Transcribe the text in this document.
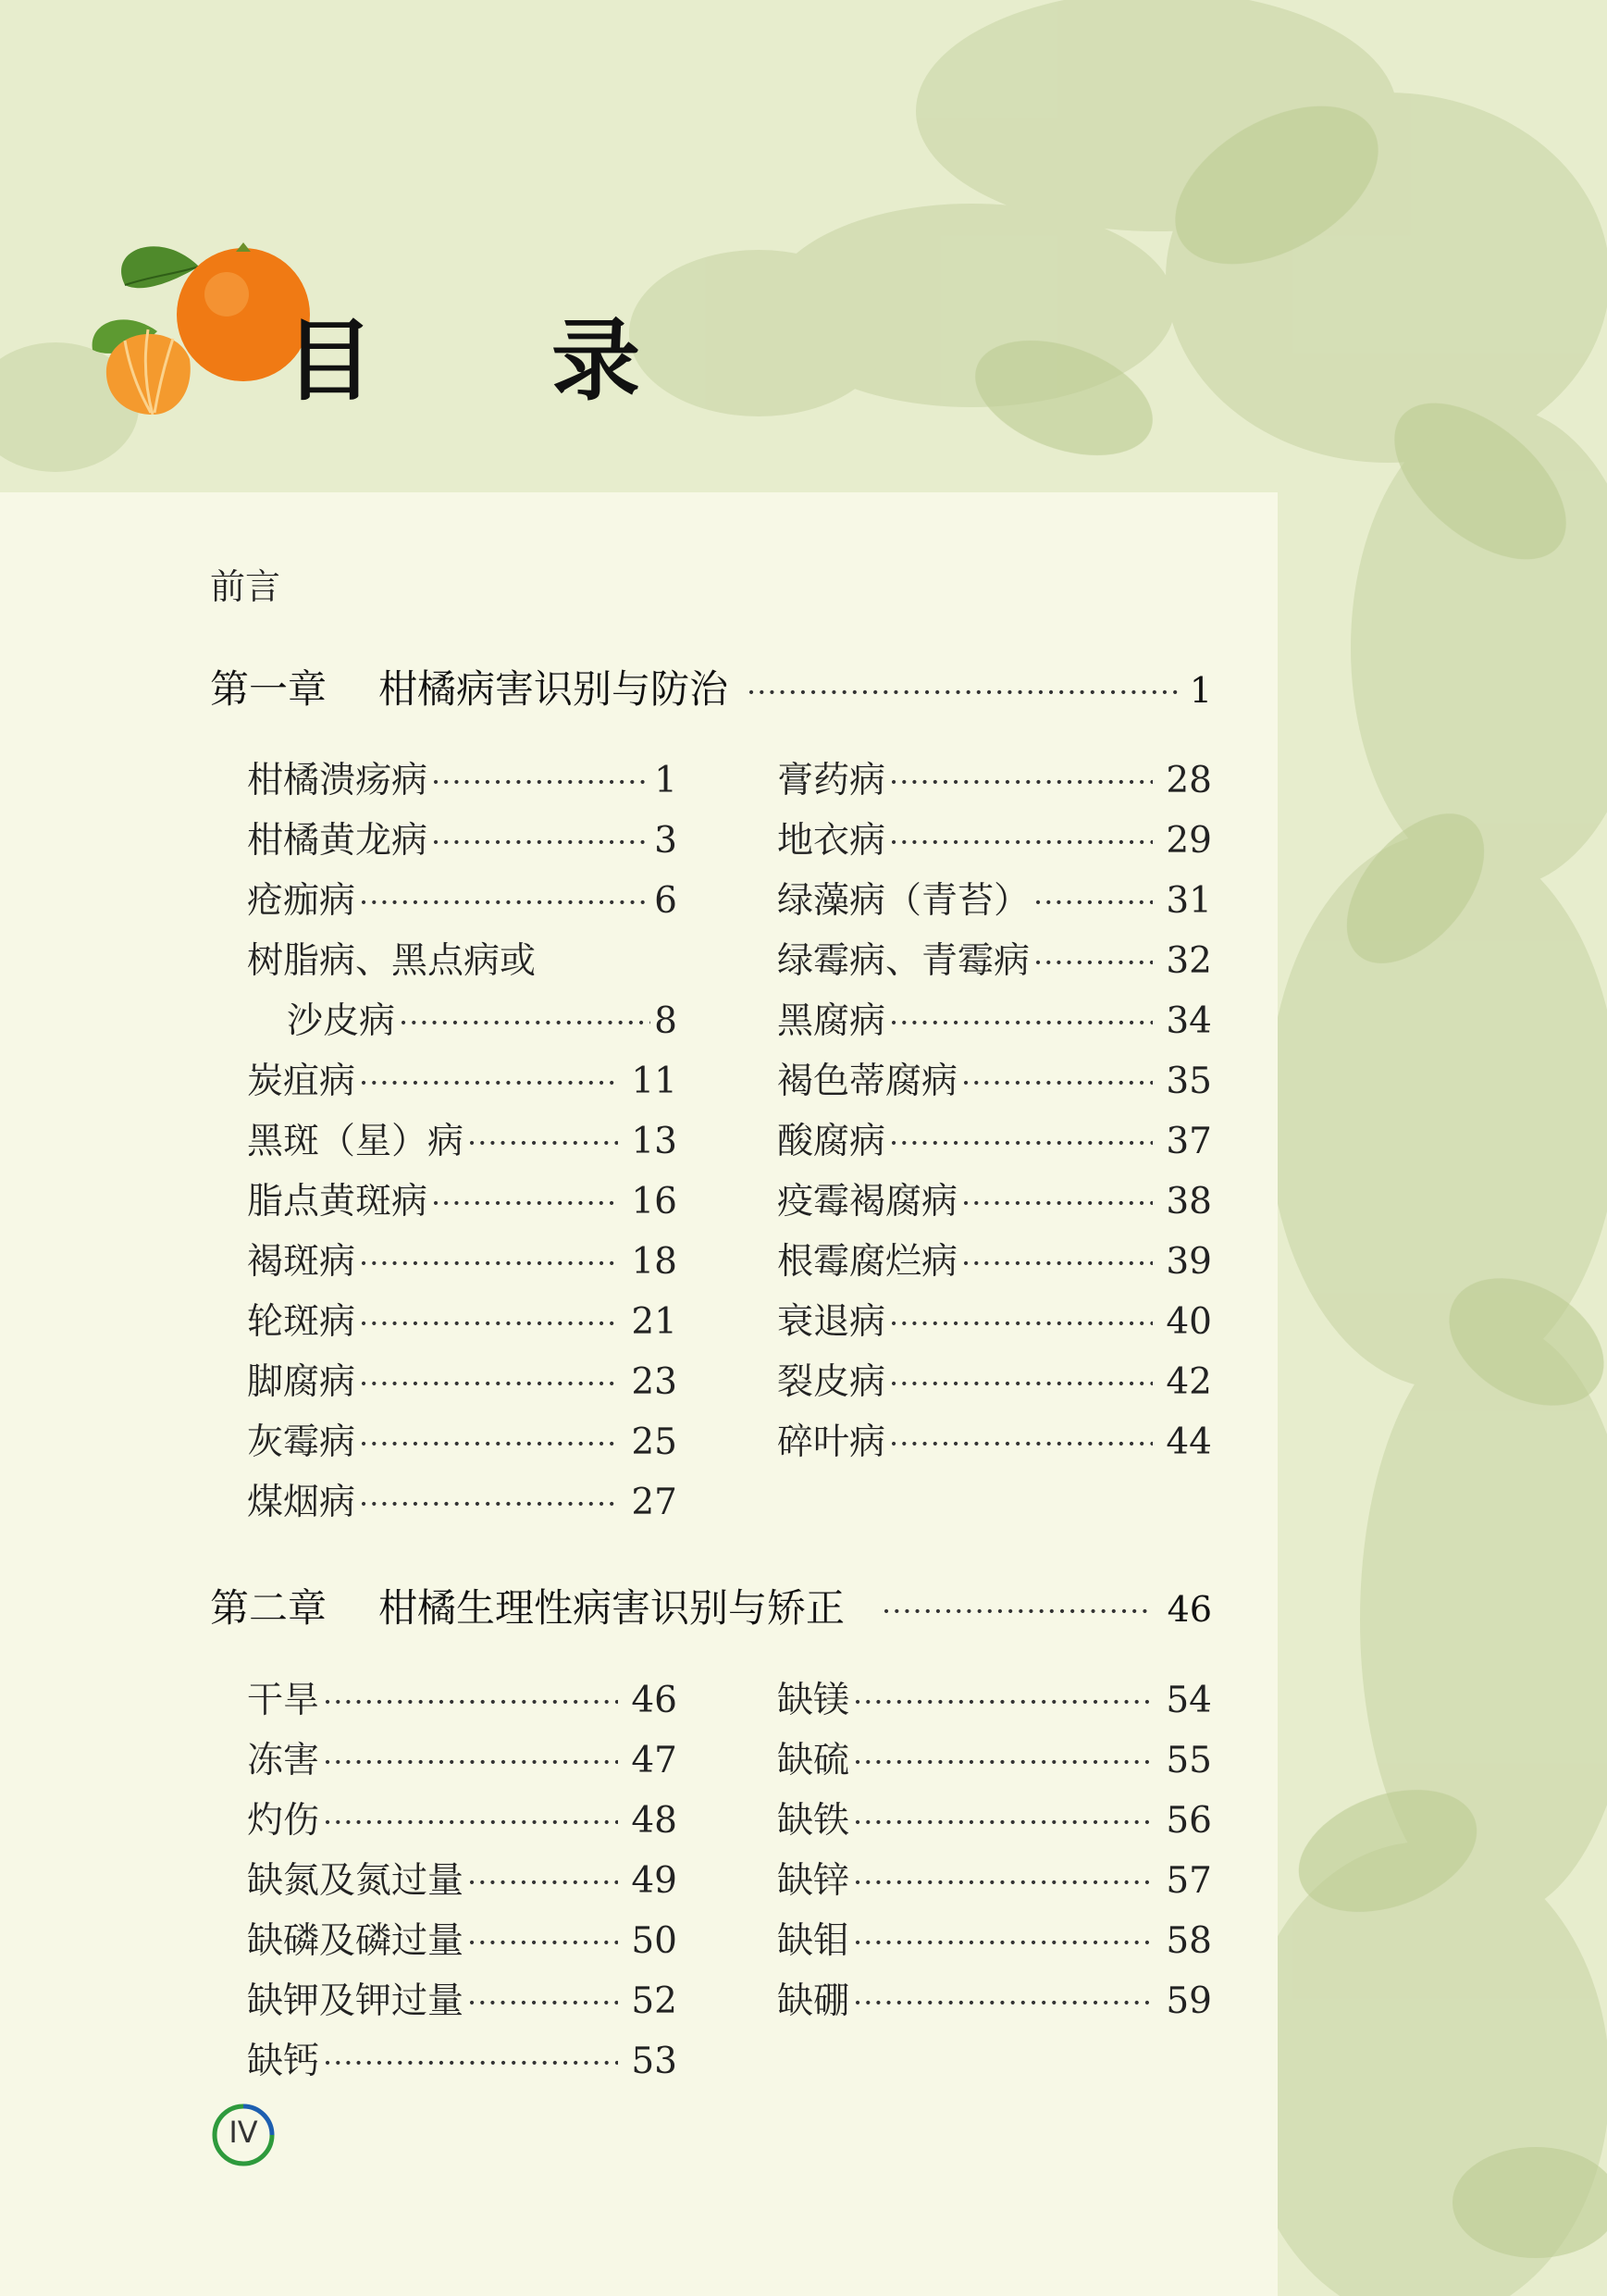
目　　录
前言
第一章	柑橘病害识别与防治 ·····	1
柑橘溃疡病 ·····	1
柑橘黄龙病 ·····	3
疮痂病 ·····	6
树脂病、黑点病或
沙皮病 ·····	8
炭疽病 ·····	11
黑斑（星）病 ·····	13
脂点黄斑病 ·····	16
褐斑病 ·····	18
轮斑病 ·····	21
脚腐病 ·····	23
灰霉病 ·····	25
煤烟病 ·····	27
膏药病 ·····	28
地衣病 ·····	29
绿藻病（青苔） ·····	31
绿霉病、青霉病 ·····	32
黑腐病 ·····	34
褐色蒂腐病 ·····	35
酸腐病 ·····	37
疫霉褐腐病 ·····	38
根霉腐烂病 ·····	39
衰退病 ·····	40
裂皮病 ·····	42
碎叶病 ·····	44
第二章	柑橘生理性病害识别与矫正 ·····	46
干旱 ·····	46
冻害 ·····	47
灼伤 ·····	48
缺氮及氮过量 ·····	49
缺磷及磷过量 ·····	50
缺钾及钾过量 ·····	52
缺钙 ·····	53
缺镁 ·····	54
缺硫 ·····	55
缺铁 ·····	56
缺锌 ·····	57
缺钼 ·····	58
缺硼 ·····	59
IV
